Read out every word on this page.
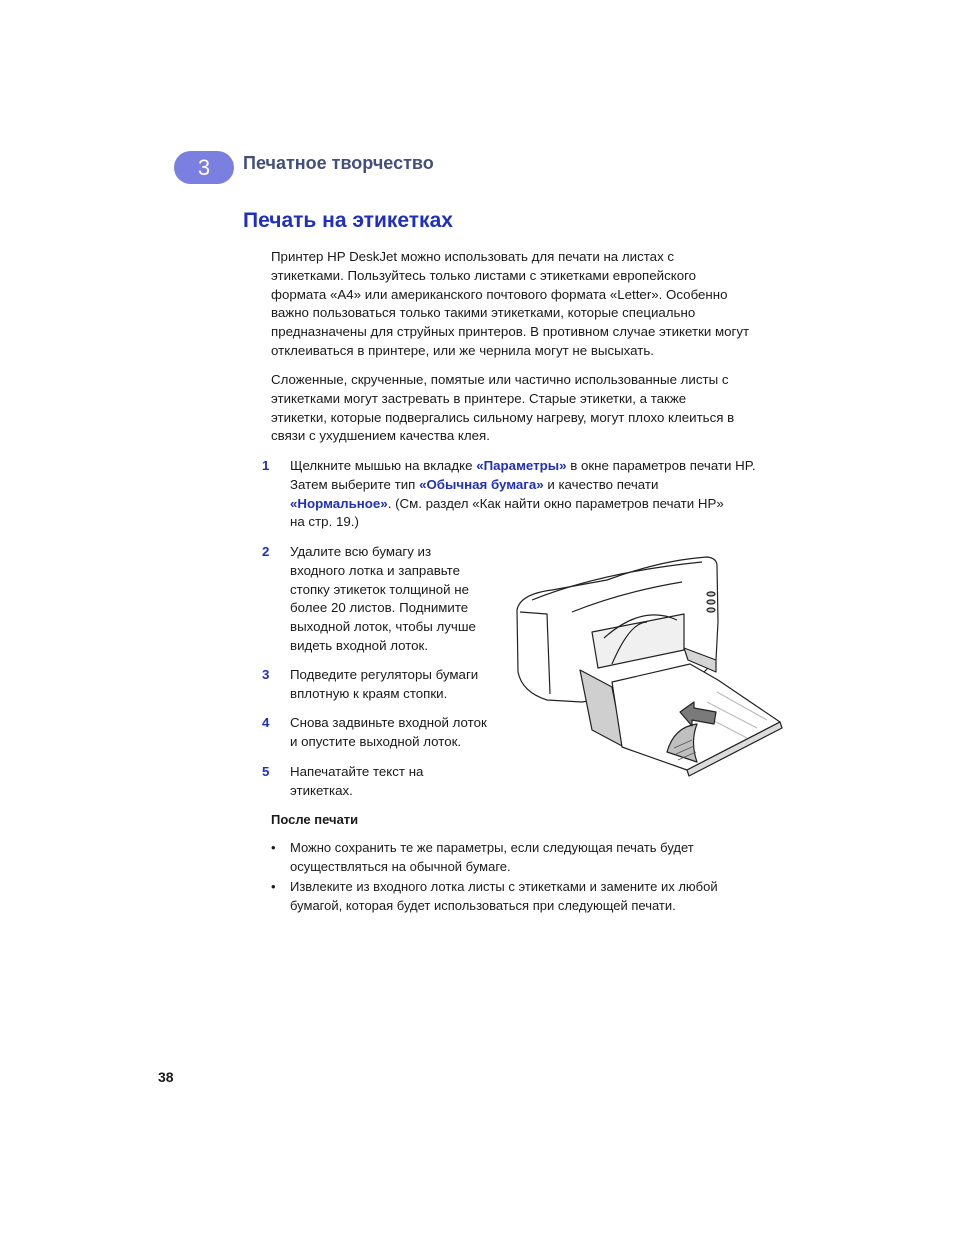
3 Печатное творчество
Печать на этикетках
Принтер HP DeskJet можно использовать для печати на листах с
этикетками. Пользуйтесь только листами с этикетками европейского
формата «A4» или американского почтового формата «Letter». Особенно
важно пользоваться только такими этикетками, которые специально
предназначены для струйных принтеров. В противном случае этикетки могут
отклеиваться в принтере, или же чернила могут не высыхать.
Сложенные, скрученные, помятые или частично использованные листы с
этикетками могут застревать в принтере. Старые этикетки, а также
этикетки, которые подвергались сильному нагреву, могут плохо клеиться в
связи с ухудшением качества клея.
1 Щелкните мышью на вкладке «Параметры» в окне параметров печати HP.
Затем выберите тип «Обычная бумага» и качество печати
«Нормальное». (См. раздел «Как найти окно параметров печати HP»
на стр. 19.)
2 Удалите всю бумагу из
входного лотка и заправьте
стопку этикеток толщиной не
более 20 листов. Поднимите
выходной лоток, чтобы лучше
видеть входной лоток.
3 Подведите регуляторы бумаги
вплотную к краям стопки.
4 Снова задвиньте входной лоток
и опустите выходной лоток.
5 Напечатайте текст на
этикетках.
После печати
• Можно сохранить те же параметры, если следующая печать будет
осуществляться на обычной бумаге.
• Извлеките из входного лотка листы с этикетками и замените их любой
бумагой, которая будет использоваться при следующей печати.
38
